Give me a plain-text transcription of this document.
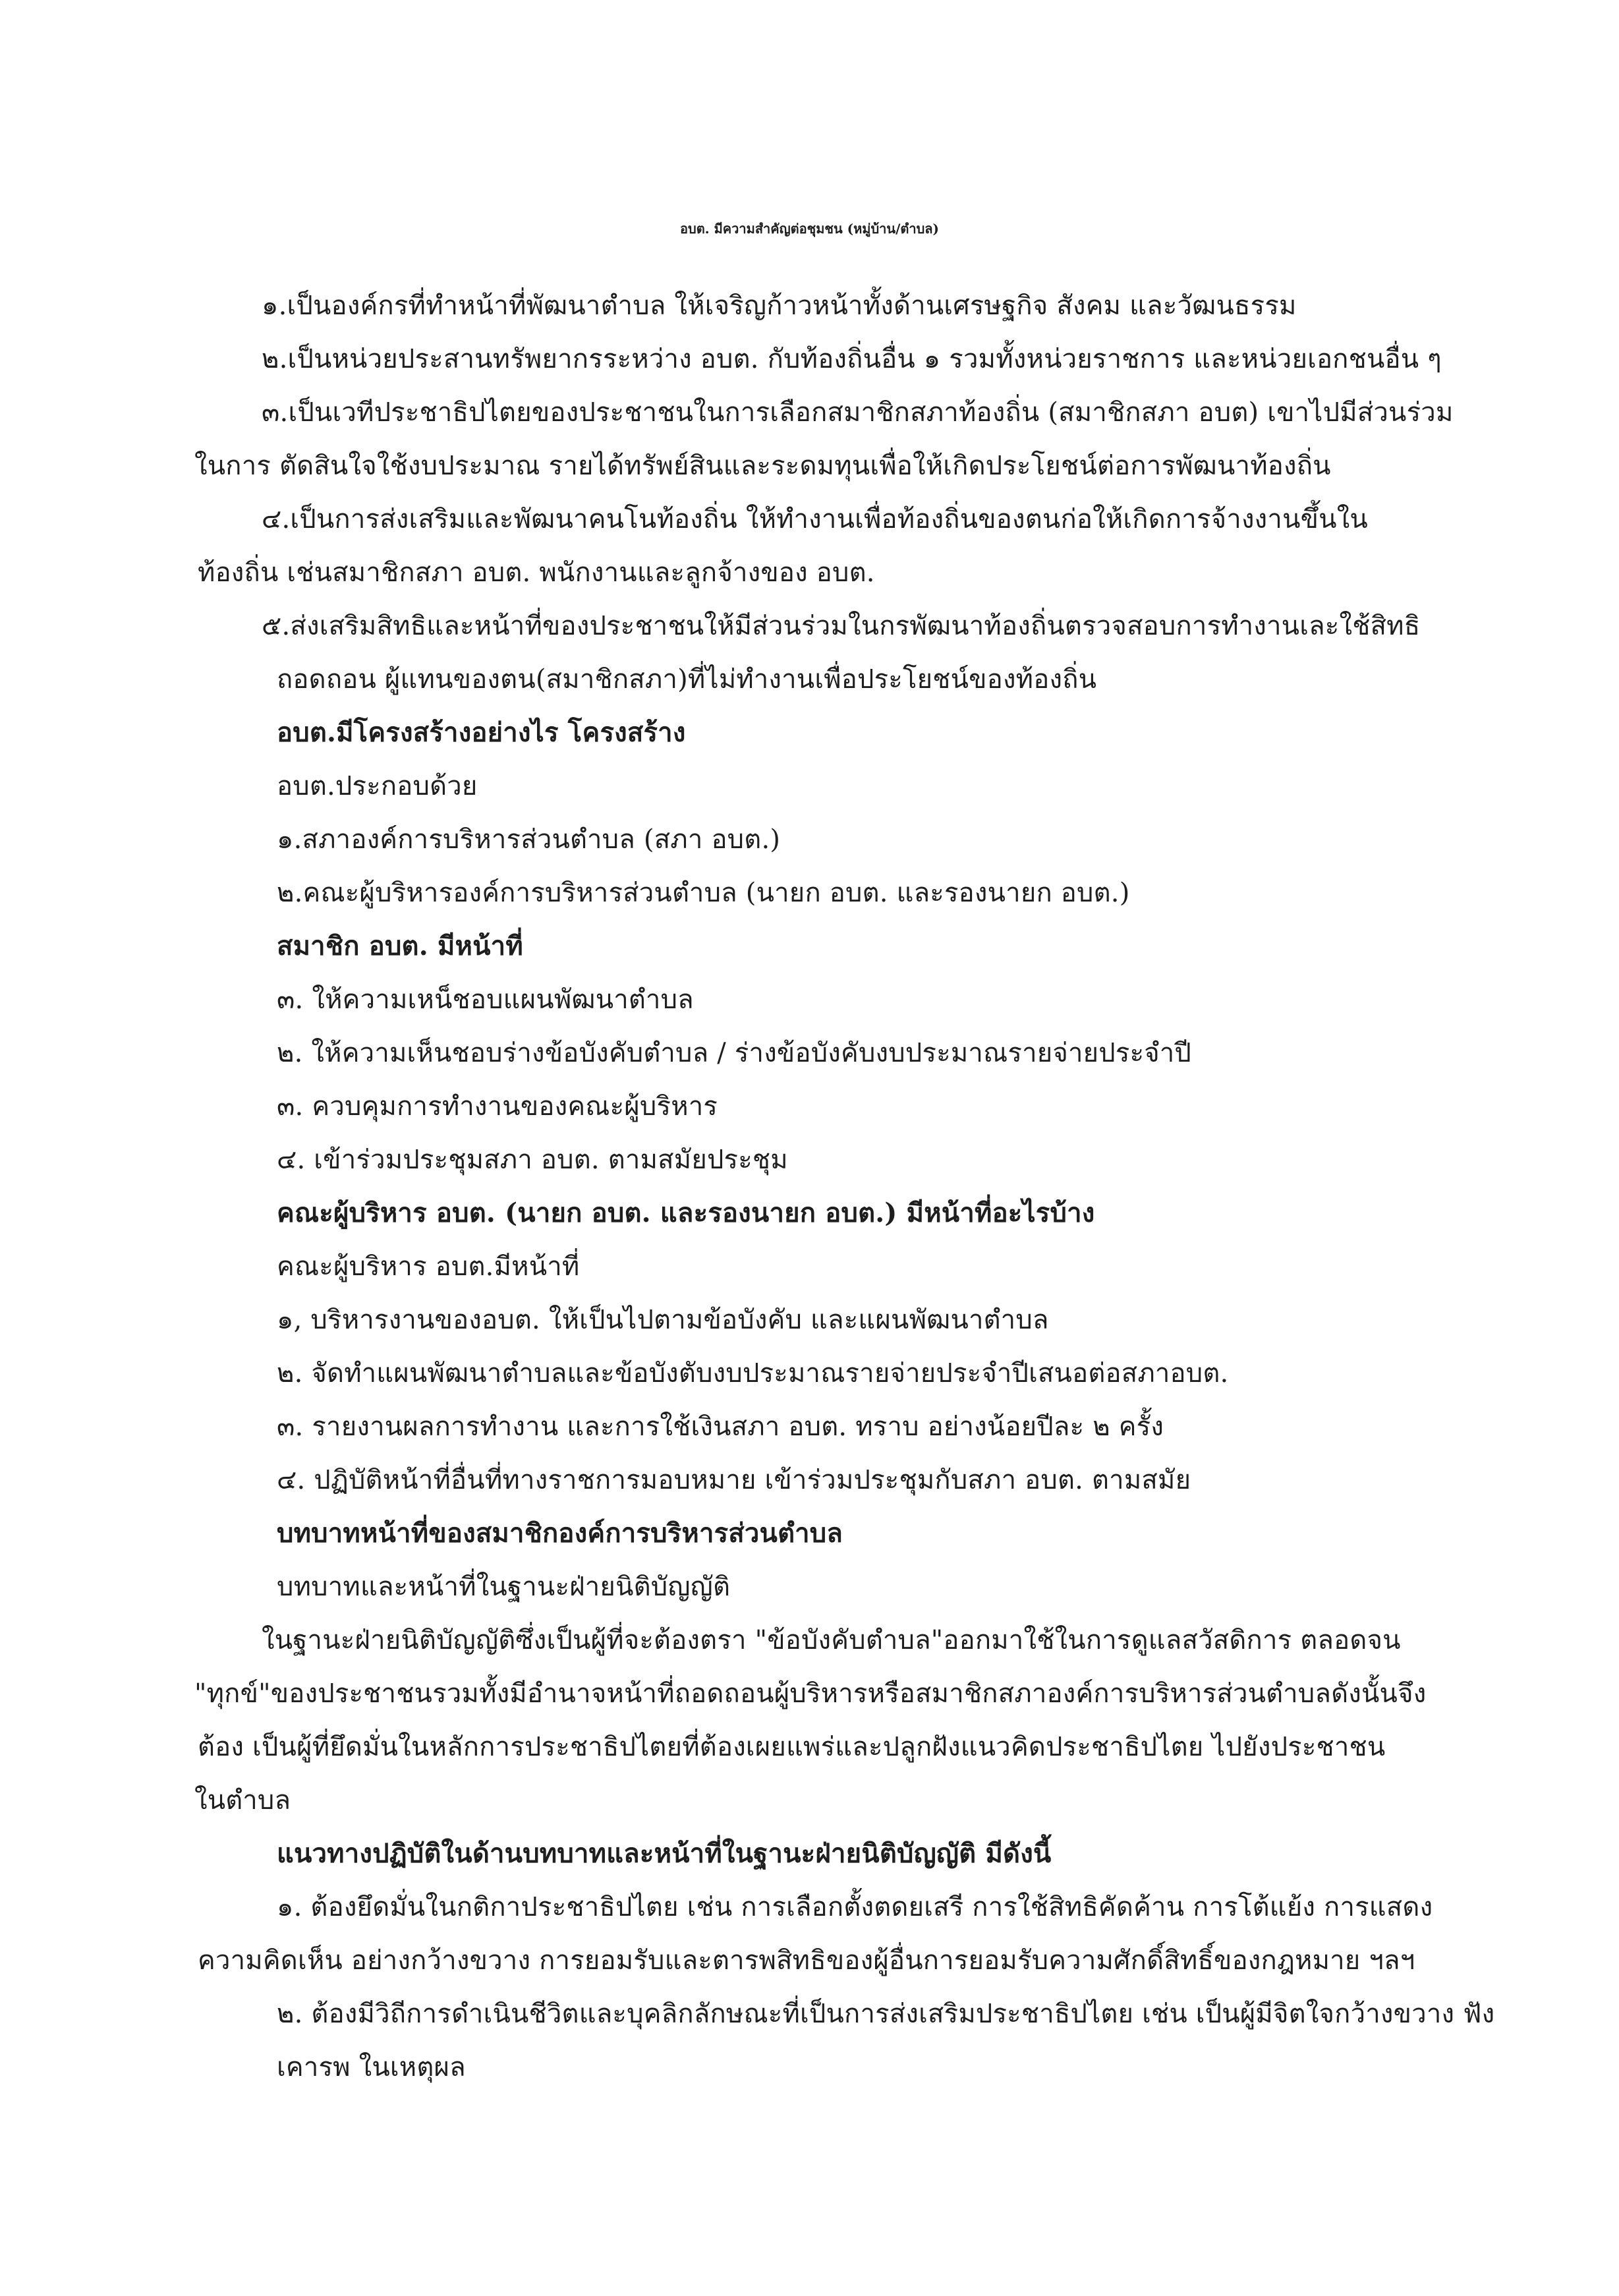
อบต. มีความสำคัญต่อชุมชน (หมู่บ้าน/ตำบล)
๑.เป็นองค์กรที่ทำหน้าที่พัฒนาตำบล ให้เจริญก้าวหน้าทั้งด้านเศรษฐกิจ สังคม และวัฒนธรรม
๒.เป็นหน่วยประสานทรัพยากรระหว่าง อบต. กับท้องถิ่นอื่น ๑ รวมทั้งหน่วยราชการ และหน่วยเอกชนอื่น ๆ
๓.เป็นเวทีประชาธิปไตยของประชาชนในการเลือกสมาชิกสภาท้องถิ่น (สมาชิกสภา อบต) เขาไปมีส่วนร่วม
ในการ ตัดสินใจใช้งบประมาณ รายได้ทรัพย์สินและระดมทุนเพื่อให้เกิดประโยชน์ต่อการพัฒนาท้องถิ่น
๔.เป็นการส่งเสริมและพัฒนาคนโนท้องถิ่น ให้ทำงานเพื่อท้องถิ่นของตนก่อให้เกิดการจ้างงานขึ้นใน
ท้องถิ่น เช่นสมาชิกสภา อบต. พนักงานและลูกจ้างของ อบต.
๕.ส่งเสริมสิทธิและหน้าที่ของประชาชนให้มีส่วนร่วมในกรพัฒนาท้องถิ่นตรวจสอบการทำงานเละใช้สิทธิ
ถอดถอน ผู้แทนของตน(สมาชิกสภา)ที่ไม่ทำงานเพื่อประโยชน์ของท้องถิ่น
อบต.มีโครงสร้างอย่างไร โครงสร้าง
อบต.ประกอบด้วย
๑.สภาองค์การบริหารส่วนตำบล (สภา อบต.)
๒.คณะผู้บริหารองค์การบริหารส่วนตำบล (นายก อบต. และรองนายก อบต.)
สมาชิก อบต. มีหน้าที่
๓. ให้ความเหน็ชอบแผนพัฒนาตำบล
๒. ให้ความเห็นชอบร่างข้อบังคับตำบล / ร่างข้อบังคับงบประมาณรายจ่ายประจำปี
๓. ควบคุมการทำงานของคณะผู้บริหาร
๔. เข้าร่วมประชุมสภา อบต. ตามสมัยประชุม
คณะผู้บริหาร อบต. (นายก อบต. และรองนายก อบต.) มีหน้าที่อะไรบ้าง
คณะผู้บริหาร อบต.มีหน้าที่
๑, บริหารงานของอบต. ให้เป็นไปตามข้อบังคับ และแผนพัฒนาตำบล
๒. จัดทำแผนพัฒนาตำบลและข้อบังตับงบประมาณรายจ่ายประจำปีเสนอต่อสภาอบต.
๓. รายงานผลการทำงาน และการใช้เงินสภา อบต. ทราบ อย่างน้อยปีละ ๒ ครั้ง
๔. ปฏิบัติหน้าที่อื่นที่ทางราชการมอบหมาย เข้าร่วมประชุมกับสภา อบต. ตามสมัย
บทบาทหน้าที่ของสมาชิกองค์การบริหารส่วนตำบล
บทบาทและหน้าที่ในฐานะฝ่ายนิติบัญญัติ
ในฐานะฝ่ายนิติบัญญัติซึ่งเป็นผู้ที่จะต้องตรา "ข้อบังคับตำบล"ออกมาใช้ในการดูแลสวัสดิการ ตลอดจน
"ทุกข์"ของประชาชนรวมทั้งมีอำนาจหน้าที่ถอดถอนผู้บริหารหรือสมาชิกสภาองค์การบริหารส่วนตำบลดังนั้นจึง
ต้อง เป็นผู้ที่ยึดมั่นในหลักการประชาธิปไตยที่ต้องเผยแพร่และปลูกฝังแนวคิดประชาธิปไตย ไปยังประชาชน
ในตำบล
แนวทางปฏิบัติในด้านบทบาทและหน้าที่ในฐานะฝ่ายนิติบัญญัติ มีดังนี้
๑. ต้องยึดมั่นในกติกาประชาธิปไตย เช่น การเลือกตั้งตดยเสรี การใช้สิทธิคัดค้าน การโต้แย้ง การแสดง
ความคิดเห็น อย่างกว้างขวาง การยอมรับและตารพสิทธิของผู้อื่นการยอมรับความศักดิ์สิทธิ์ของกฎหมาย ฯลฯ
๒. ต้องมีวิถีการดำเนินชีวิตและบุคลิกลักษณะที่เป็นการส่งเสริมประชาธิปไตย เช่น เป็นผู้มีจิตใจกว้างขวาง ฟัง
เคารพ ในเหตุผล
